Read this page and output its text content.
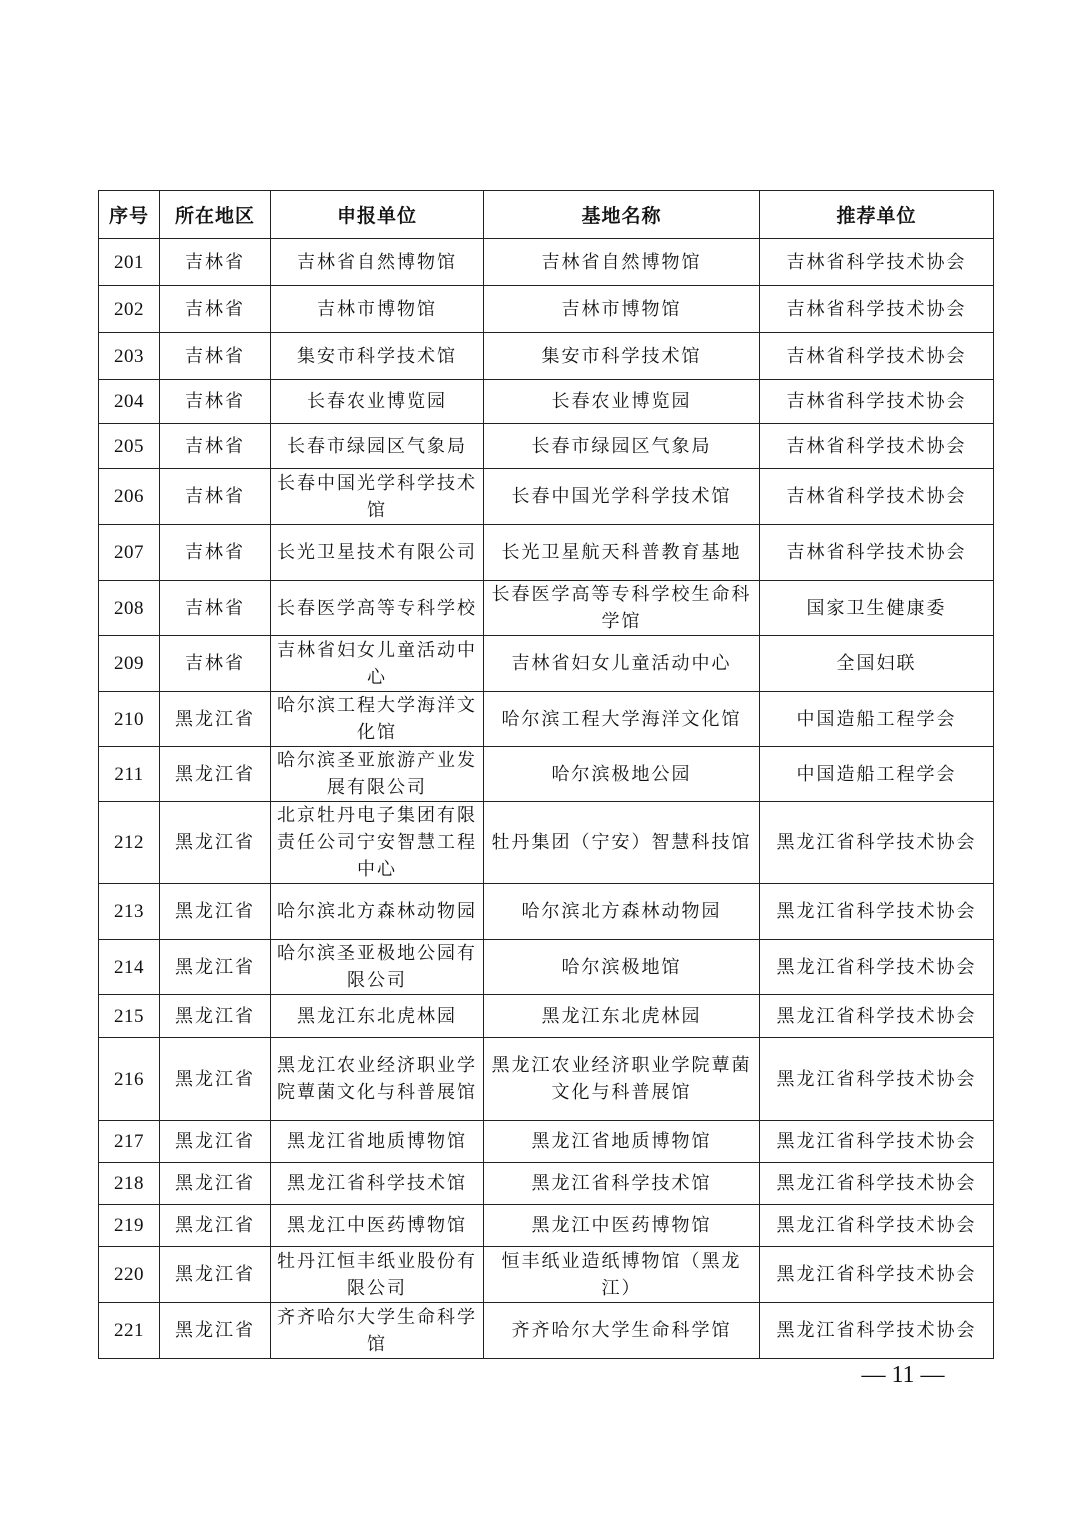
序号	所在地区	申报单位	基地名称	推荐单位
201	吉林省	吉林省自然博物馆	吉林省自然博物馆	吉林省科学技术协会
202	吉林省	吉林市博物馆	吉林市博物馆	吉林省科学技术协会
203	吉林省	集安市科学技术馆	集安市科学技术馆	吉林省科学技术协会
204	吉林省	长春农业博览园	长春农业博览园	吉林省科学技术协会
205	吉林省	长春市绿园区气象局	长春市绿园区气象局	吉林省科学技术协会
206	吉林省	长春中国光学科学技术馆	长春中国光学科学技术馆	吉林省科学技术协会
207	吉林省	长光卫星技术有限公司	长光卫星航天科普教育基地	吉林省科学技术协会
208	吉林省	长春医学高等专科学校	长春医学高等专科学校生命科学馆	国家卫生健康委
209	吉林省	吉林省妇女儿童活动中心	吉林省妇女儿童活动中心	全国妇联
210	黑龙江省	哈尔滨工程大学海洋文化馆	哈尔滨工程大学海洋文化馆	中国造船工程学会
211	黑龙江省	哈尔滨圣亚旅游产业发展有限公司	哈尔滨极地公园	中国造船工程学会
212	黑龙江省	北京牡丹电子集团有限责任公司宁安智慧工程中心	牡丹集团（宁安）智慧科技馆	黑龙江省科学技术协会
213	黑龙江省	哈尔滨北方森林动物园	哈尔滨北方森林动物园	黑龙江省科学技术协会
214	黑龙江省	哈尔滨圣亚极地公园有限公司	哈尔滨极地馆	黑龙江省科学技术协会
215	黑龙江省	黑龙江东北虎林园	黑龙江东北虎林园	黑龙江省科学技术协会
216	黑龙江省	黑龙江农业经济职业学院蕈菌文化与科普展馆	黑龙江农业经济职业学院蕈菌文化与科普展馆	黑龙江省科学技术协会
217	黑龙江省	黑龙江省地质博物馆	黑龙江省地质博物馆	黑龙江省科学技术协会
218	黑龙江省	黑龙江省科学技术馆	黑龙江省科学技术馆	黑龙江省科学技术协会
219	黑龙江省	黑龙江中医药博物馆	黑龙江中医药博物馆	黑龙江省科学技术协会
220	黑龙江省	牡丹江恒丰纸业股份有限公司	恒丰纸业造纸博物馆（黑龙江）	黑龙江省科学技术协会
221	黑龙江省	齐齐哈尔大学生命科学馆	齐齐哈尔大学生命科学馆	黑龙江省科学技术协会
— 11 —
